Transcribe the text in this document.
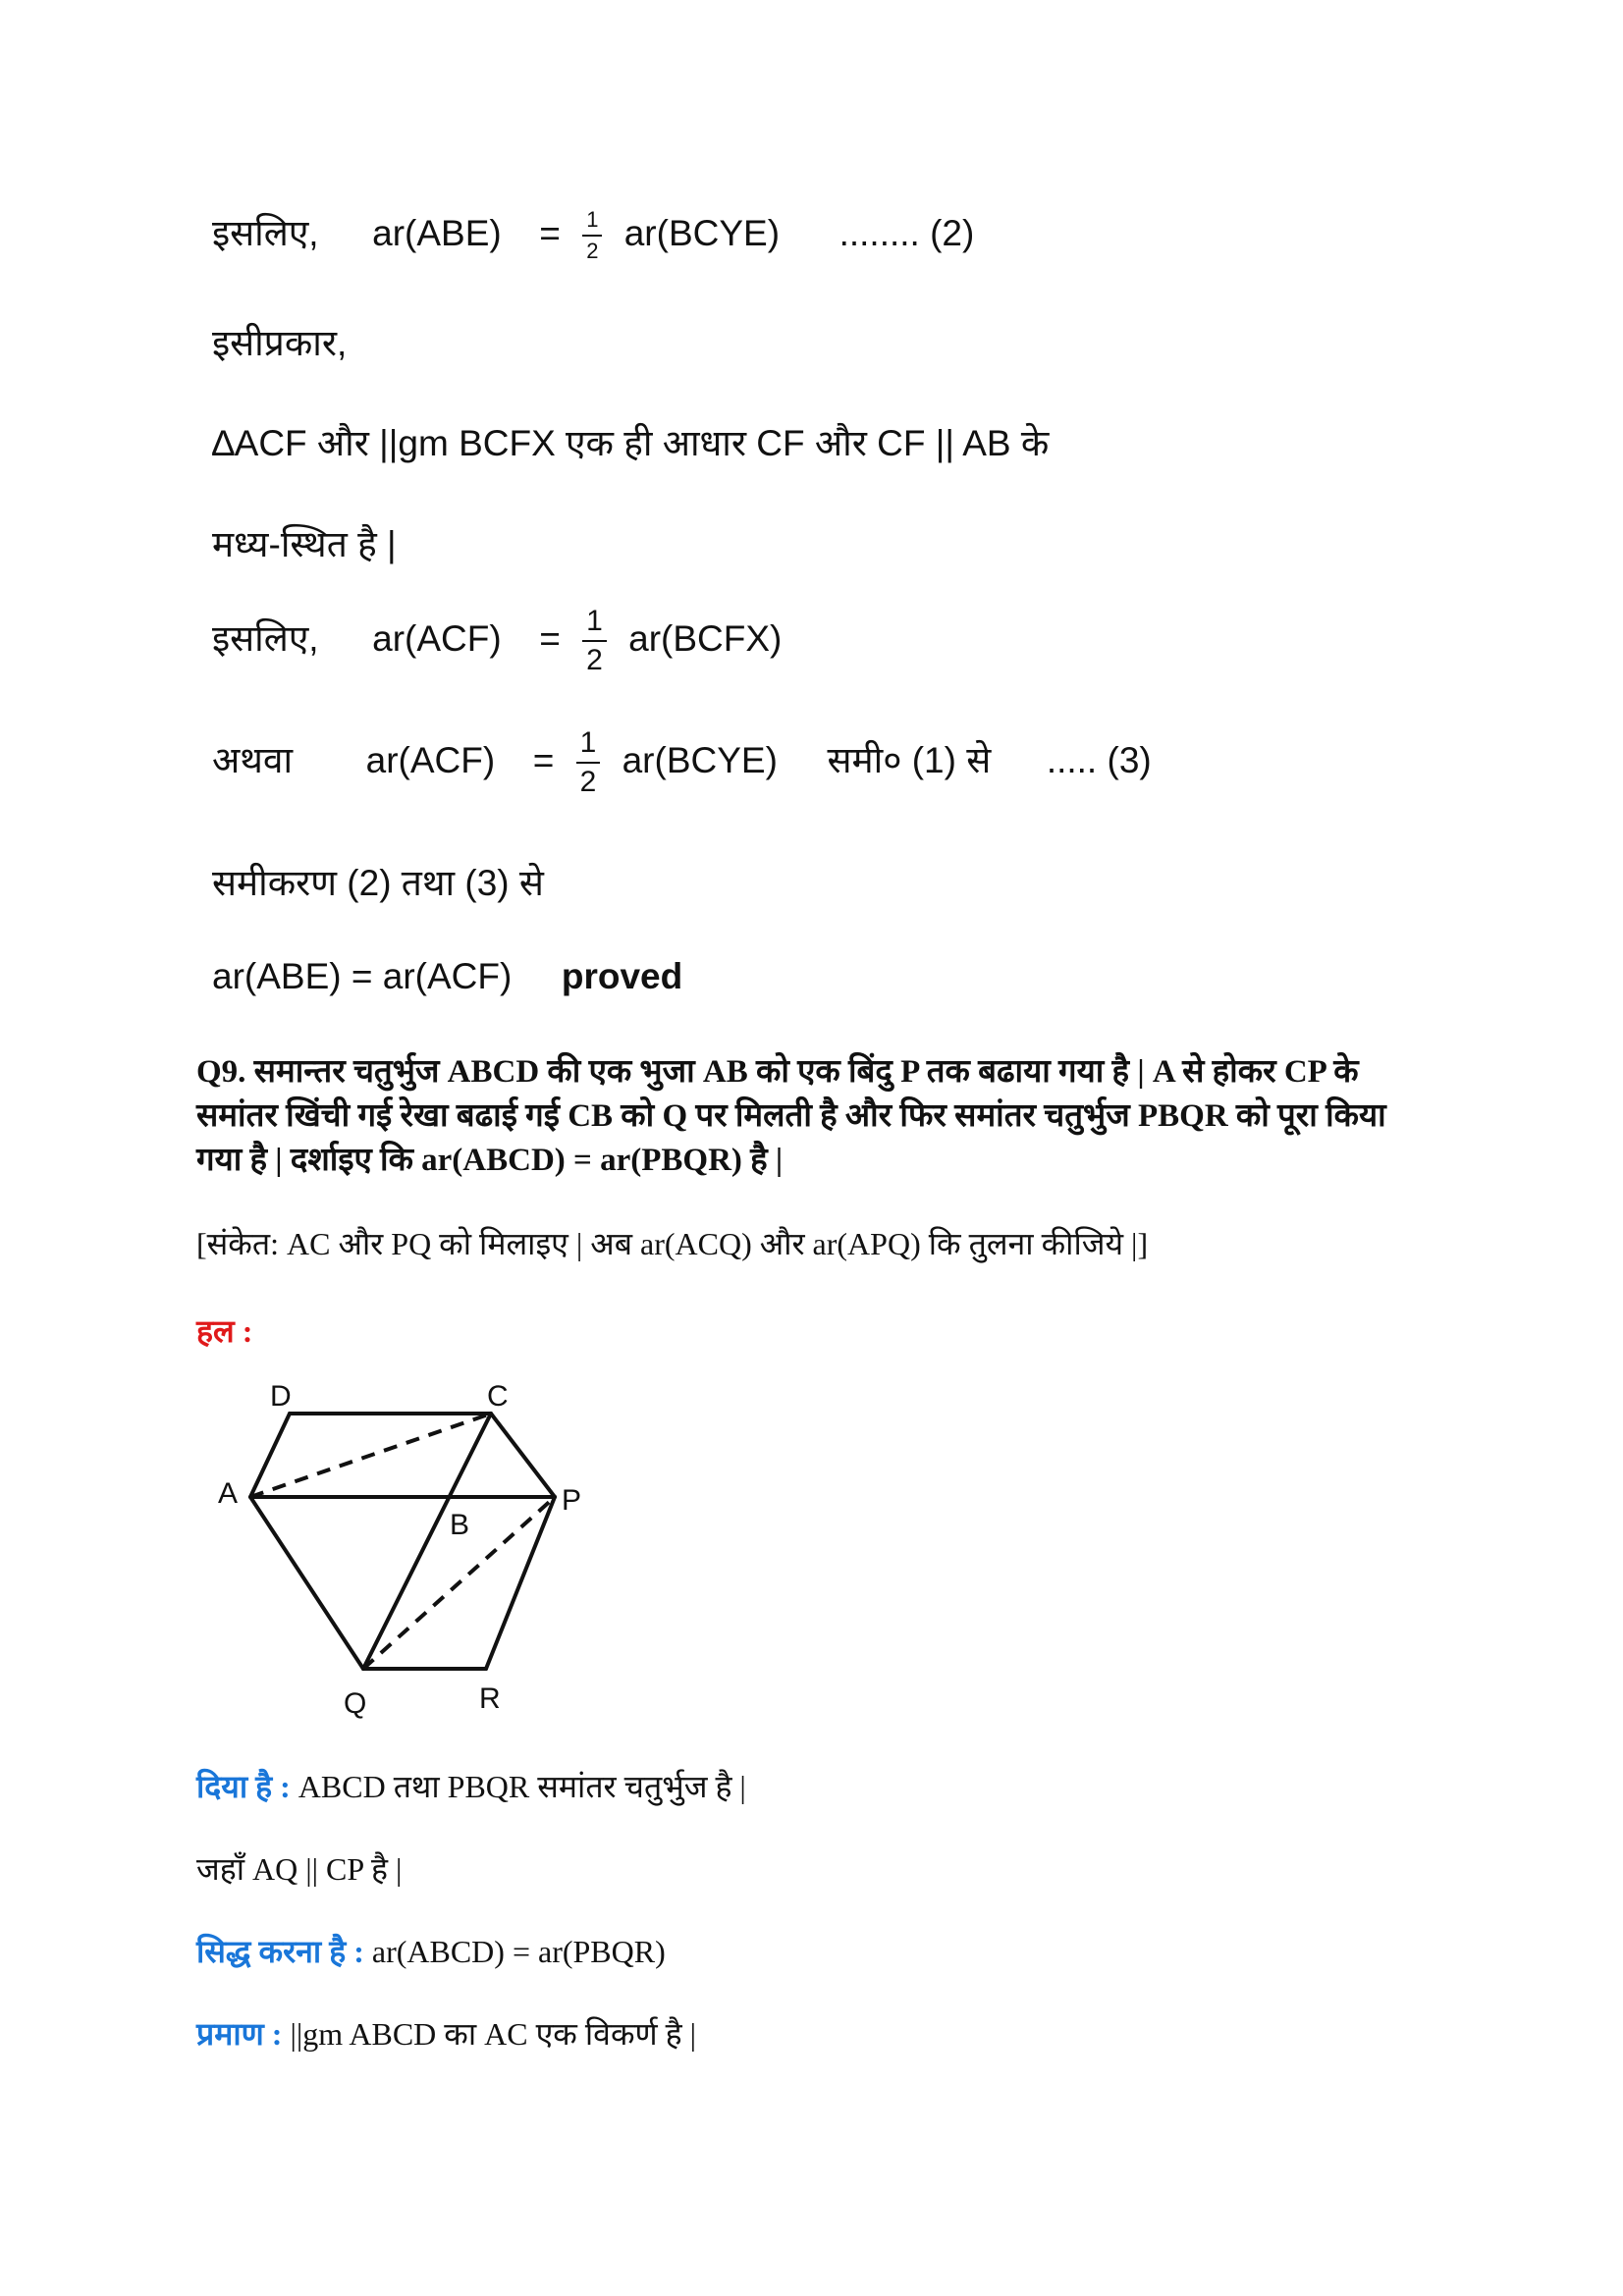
इसलिए, $ar(ABE) = \frac{1}{2}$ ar(BCYE) ........ (2)
इसीप्रकार,
∆ACF और ||gm BCFX एक ही आधार CF और CF || AB के
मध्य-स्थित है |
इसलिए, $ar(ACF) = \frac{1}{2}$ ar(BCFX)
अथवा $ar(ACF) = \frac{1}{2}$ ar(BCYE) समी० (1) से ..... (3)
समीकरण (2) तथा (3) से
ar(ABE) = ar(ACF) proved
Q9. समान्तर चतुर्भुज ABCD की एक भुजा AB को एक बिंदु P तक बढाया गया है | A से होकर CP के समांतर खिंची गई रेखा बढाई गई CB को Q पर मिलती है और फिर समांतर चतुर्भुज PBQR को पूरा किया गया है | दर्शाइए कि ar(ABCD) = ar(PBQR) है |
[संकेत: AC और PQ को मिलाइए | अब ar(ACQ) और ar(APQ) कि तुलना कीजिये |]
हल :
D	C
A
B
P
Q	R
दिया है : ABCD तथा PBQR समांतर चतुर्भुज है |
जहाँ AQ || CP है |
सिद्ध करना है : ar(ABCD) = ar(PBQR)
प्रमाण : ||gm ABCD का AC एक विकर्ण है |
